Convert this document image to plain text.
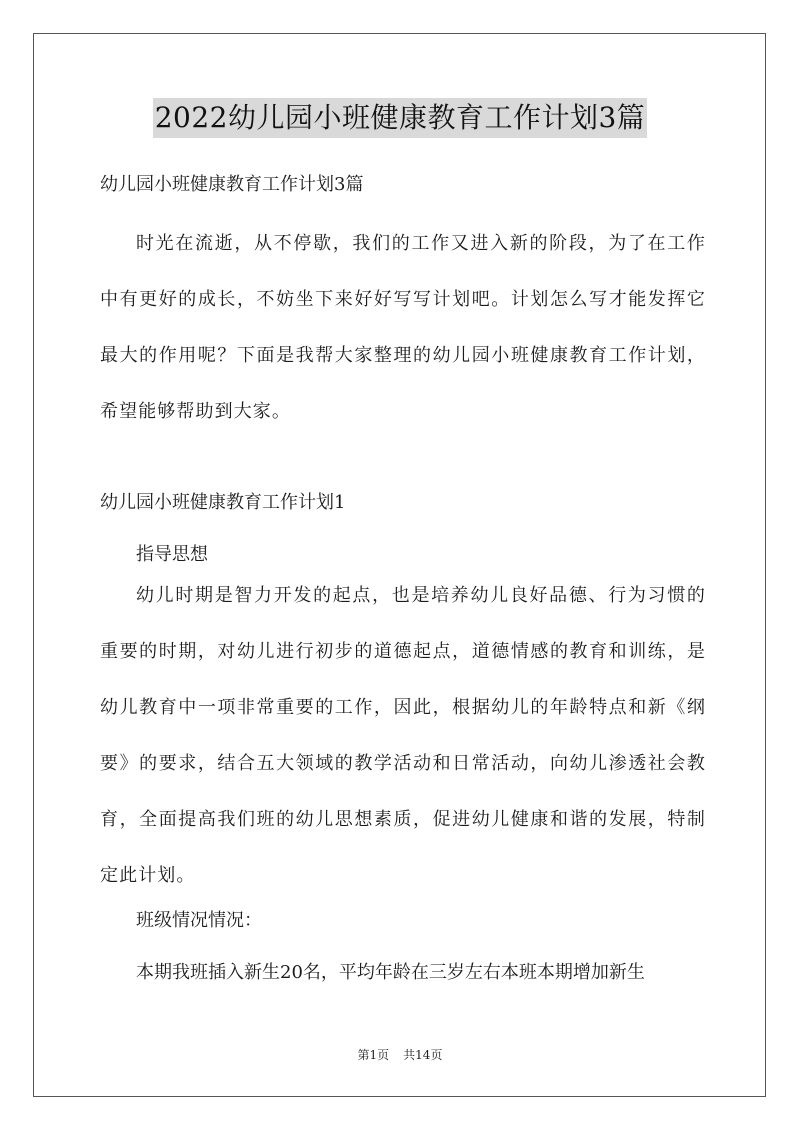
2022幼儿园小班健康教育工作计划3篇
幼儿园小班健康教育工作计划3篇
时光在流逝，从不停歇，我们的工作又进入新的阶段，为了在工作中有更好的成长，不妨坐下来好好写写计划吧。计划怎么写才能发挥它最大的作用呢？下面是我帮大家整理的幼儿园小班健康教育工作计划，希望能够帮助到大家。
幼儿园小班健康教育工作计划1
指导思想
幼儿时期是智力开发的起点，也是培养幼儿良好品德、行为习惯的重要的时期，对幼儿进行初步的道德起点，道德情感的教育和训练，是幼儿教育中一项非常重要的工作，因此，根据幼儿的年龄特点和新《纲要》的要求，结合五大领域的教学活动和日常活动，向幼儿渗透社会教育，全面提高我们班的幼儿思想素质，促进幼儿健康和谐的发展，特制定此计划。
班级情况情况：
本期我班插入新生20名，平均年龄在三岁左右本班本期增加新生
第1页 共14页
